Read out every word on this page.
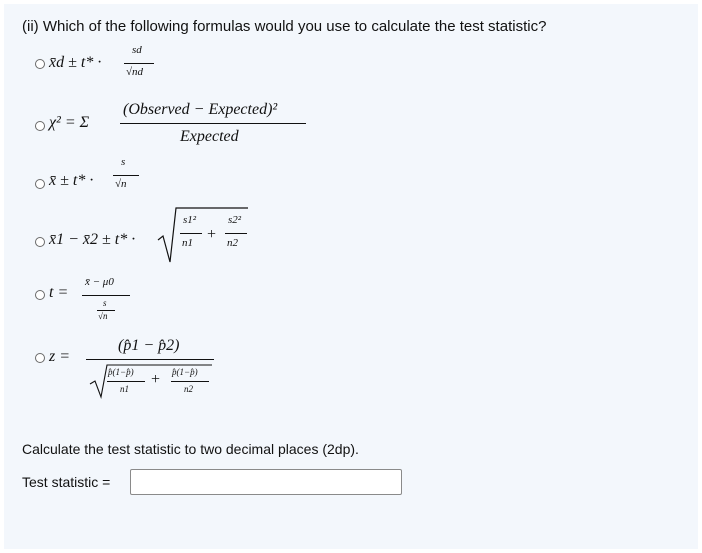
(ii) Which of the following formulas would you use to calculate the test statistic?
x̄d ± t* ·
sd
√nd
χ² = Σ
(Observed − Expected)²
Expected
x̄ ± t* ·
s
√n
x̄1 − x̄2 ± t* ·
s1²
n1 +
s2²
n2
t =
x̄ − μ0
s
√n
z =
(p̂1 − p̂2)
p̂(1−p̂)
n1
+ p̂(1−p̂)
n2
Calculate the test statistic to two decimal places (2dp).
Test statistic =
